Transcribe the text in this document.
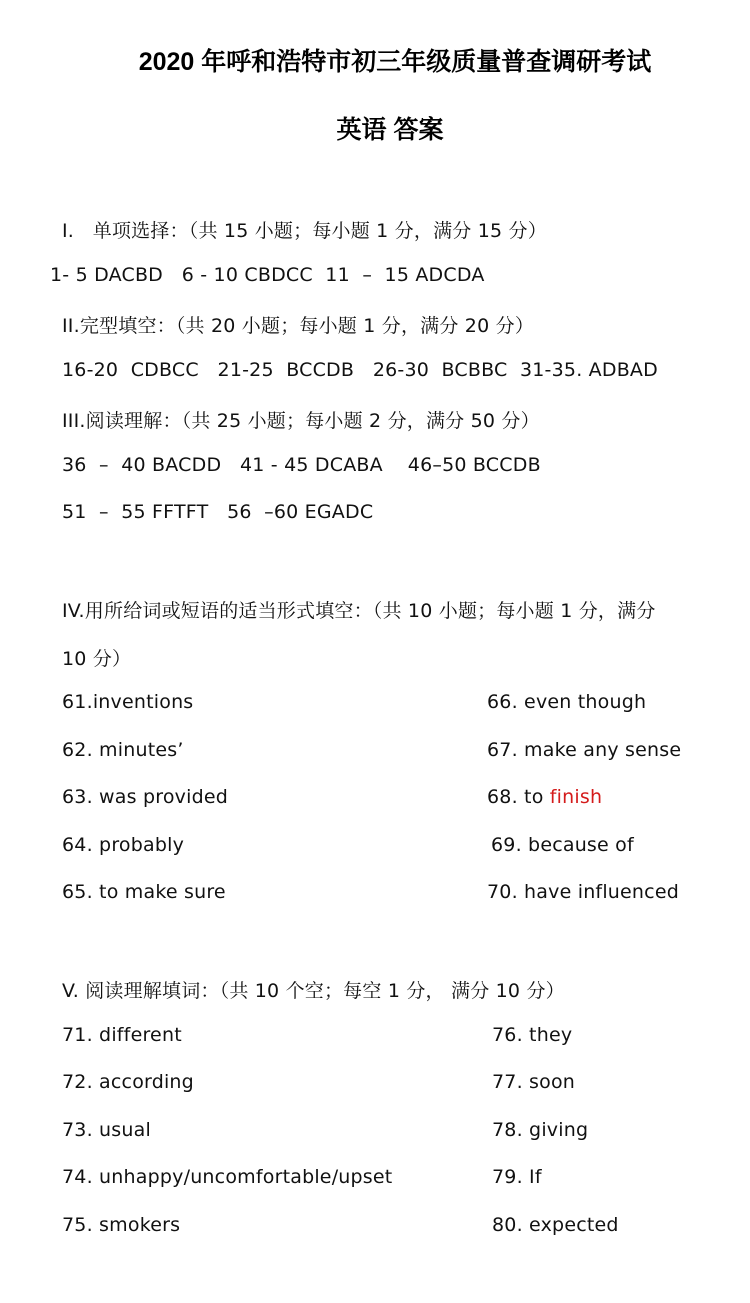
2020 年呼和浩特市初三年级质量普查调研考试
英语 答案
I.   单项选择：（共 15 小题；每小题 1 分，满分 15 分）
1- 5 DACBD   6 - 10 CBDCC  11  –  15 ADCDA
II.完型填空：（共 20 小题；每小题 1 分，满分 20 分）
16-20  CDBCC   21-25  BCCDB   26-30  BCBBC  31-35. ADBAD
III.阅读理解：（共 25 小题；每小题 2 分，满分 50 分）
36  –  40 BACDD   41 - 45 DCABA    46–50 BCCDB
51  –  55 FFTFT   56  –60 EGADC
IV.用所给词或短语的适当形式填空：（共 10 小题；每小题 1 分，满分
10 分）
61.inventions
62. minutes’
63. was provided
64. probably
65. to make sure
66. even though
67. make any sense
68. to finish
69. because of
70. have influenced
V. 阅读理解填词：（共 10 个空；每空 1 分， 满分 10 分）
71. different
72. according
73. usual
74. unhappy/uncomfortable/upset
75. smokers
76. they
77. soon
78. giving
79. If
80. expected
